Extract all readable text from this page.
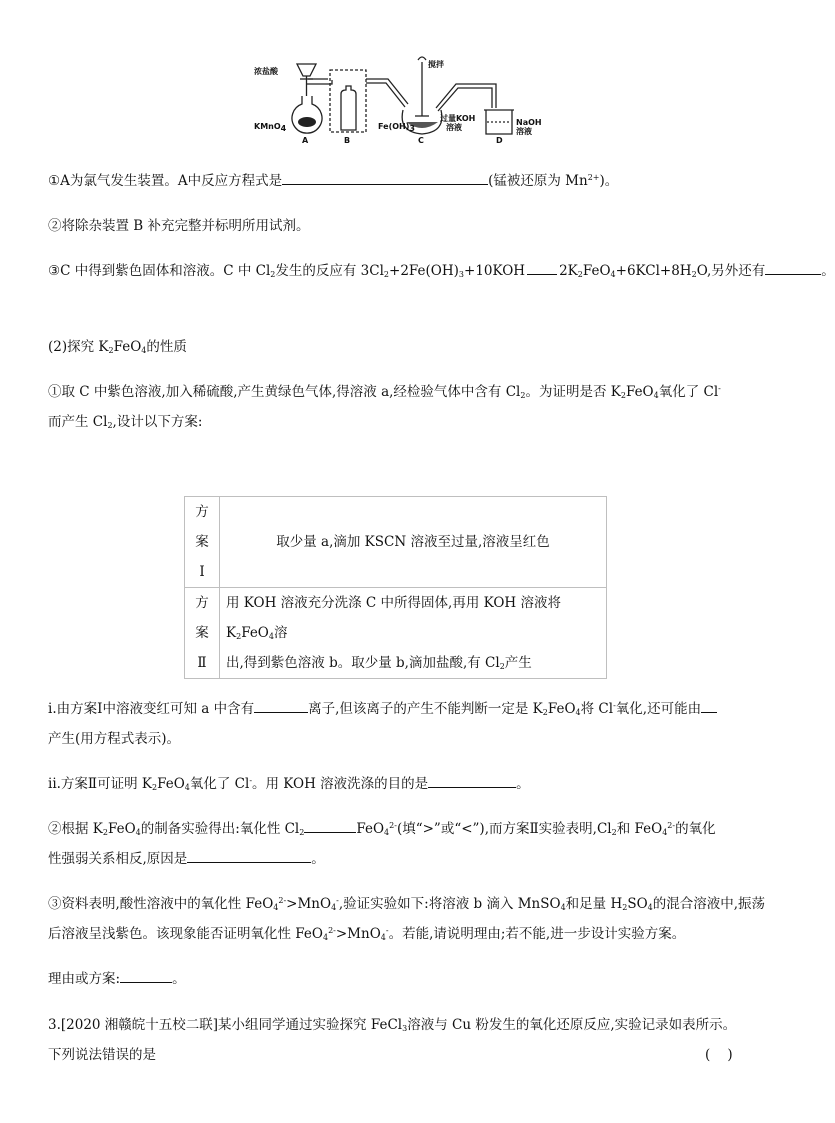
浓盐酸
搅拌
KMnO$_4$
A	B
$Fe(OH)_3$
C
过量KOH
溶液
D
NaOH
溶液
①A为氯气发生装置。A中反应方程式是	(锰被还原为 $Mn^{2+}$)。
②将除杂装置 B 补充完整并标明所用试剂。
③C 中得到紫色固体和溶液。C 中 $Cl_2$发生的反应有 $3Cl_2+2Fe(OH)_3+10KOH$	$2K_2FeO_4+6KCl+8H_2O$,另外还有	。
(2)探究 $K_2FeO_4$的性质
①取 C 中紫色溶液,加入稀硫酸,产生黄绿色气体,得溶液 a,经检验气体中含有 $Cl_2$。为证明是否 $K_2FeO_4$氧化了 Cl-
而产生 $Cl_2$,设计以下方案:
方案
Ⅰ	取少量 a,滴加 KSCN 溶液至过量,溶液呈红色
方案
Ⅱ	用 KOH 溶液充分洗涤 C 中所得固体,再用 KOH 溶液将 $K_2FeO_4$溶
出,得到紫色溶液 b。取少量 b,滴加盐酸,有 $Cl_2$产生
i.由方案Ⅰ中溶液变红可知 a 中含有	离子,但该离子的产生不能判断一定是 $K_2FeO_4$将 Cl-氧化,还可能由
产生(用方程式表示)。
ii.方案Ⅱ可证明 $K_2FeO_4$氧化了 Cl-。用 KOH 溶液洗涤的目的是	。
②根据 $K_2FeO_4$的制备实验得出:氧化性 $Cl_2$	FeO$_4^{2-}$(填“>”或“<”),而方案Ⅱ实验表明$,Cl_2$和 FeO$_4^{2-}$的氧化
性强弱关系相反,原因是	。
③资料表明,酸性溶液中的氧化性 FeO$_4^{2-}$>MnO$_4$-,验证实验如下:将溶液 b 滴入 MnSO$_4$和足量 $H_2SO_4$的混合溶液中,振荡
后溶液呈浅紫色。该现象能否证明氧化性 FeO$_4^{2-}$>MnO$_4$-。若能,请说明理由;若不能,进一步设计实验方案。
理由或方案:	。
3.[2020 湘赣皖十五校二联]某小组同学通过实验探究 FeCl$_3$溶液与 Cu 粉发生的氧化还原反应,实验记录如表所示。
下列说法错误的是	(    )
